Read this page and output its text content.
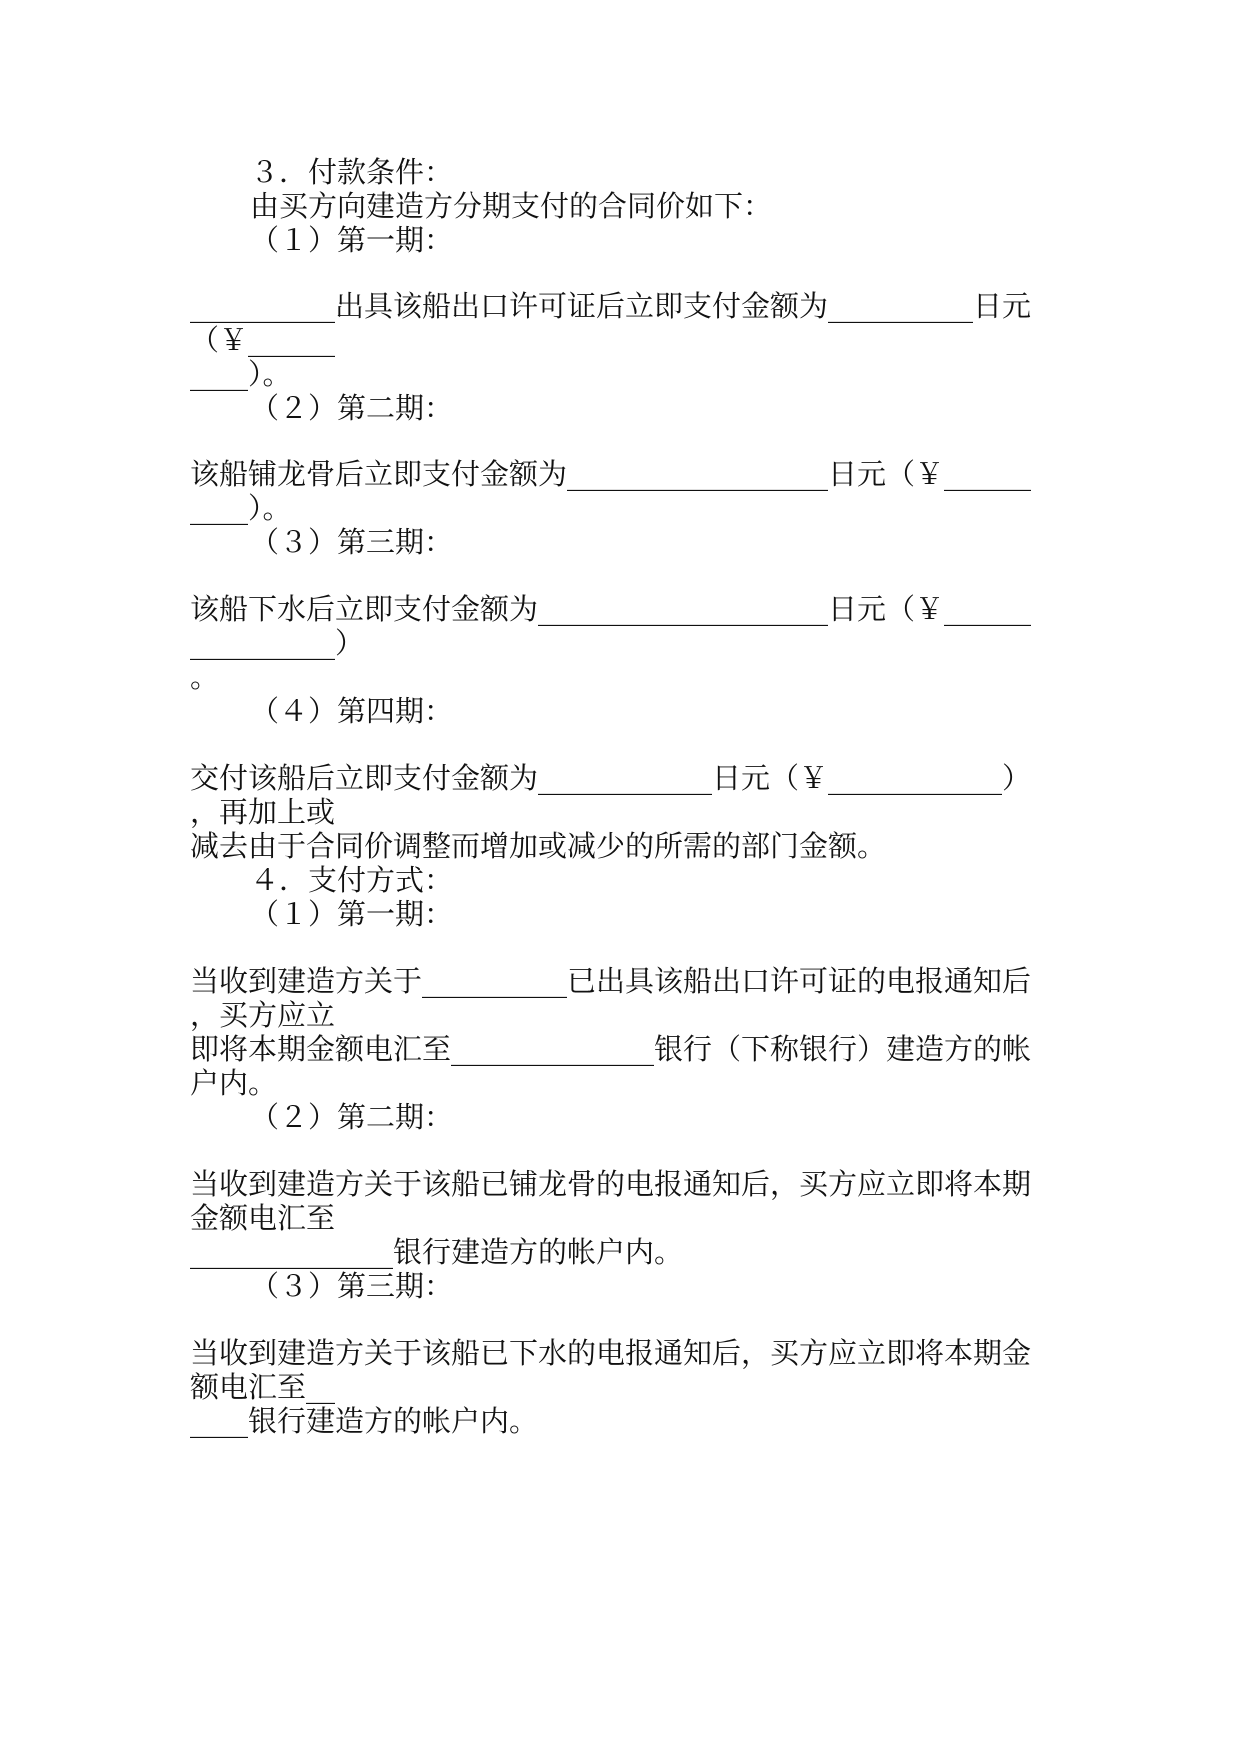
３．付款条件：
由买方向建造方分期支付的合同价如下：
（１）第一期：
__________出具该船出口许可证后立即支付金额为__________日元
（￥______
____）。
（２）第二期：
该船铺龙骨后立即支付金额为__________________日元（￥______
____）。
（３）第三期：
该船下水后立即支付金额为____________________日元（￥______
__________）
。
（４）第四期：
交付该船后立即支付金额为____________日元（￥____________）
，再加上或
减去由于合同价调整而增加或减少的所需的部门金额。
４．支付方式：
（１）第一期：
当收到建造方关于__________已出具该船出口许可证的电报通知后
，买方应立
即将本期金额电汇至______________银行（下称银行）建造方的帐
户内。
（２）第二期：
当收到建造方关于该船已铺龙骨的电报通知后，买方应立即将本期
金额电汇至
______________银行建造方的帐户内。
（３）第三期：
当收到建造方关于该船已下水的电报通知后，买方应立即将本期金
额电汇至__
____银行建造方的帐户内。
